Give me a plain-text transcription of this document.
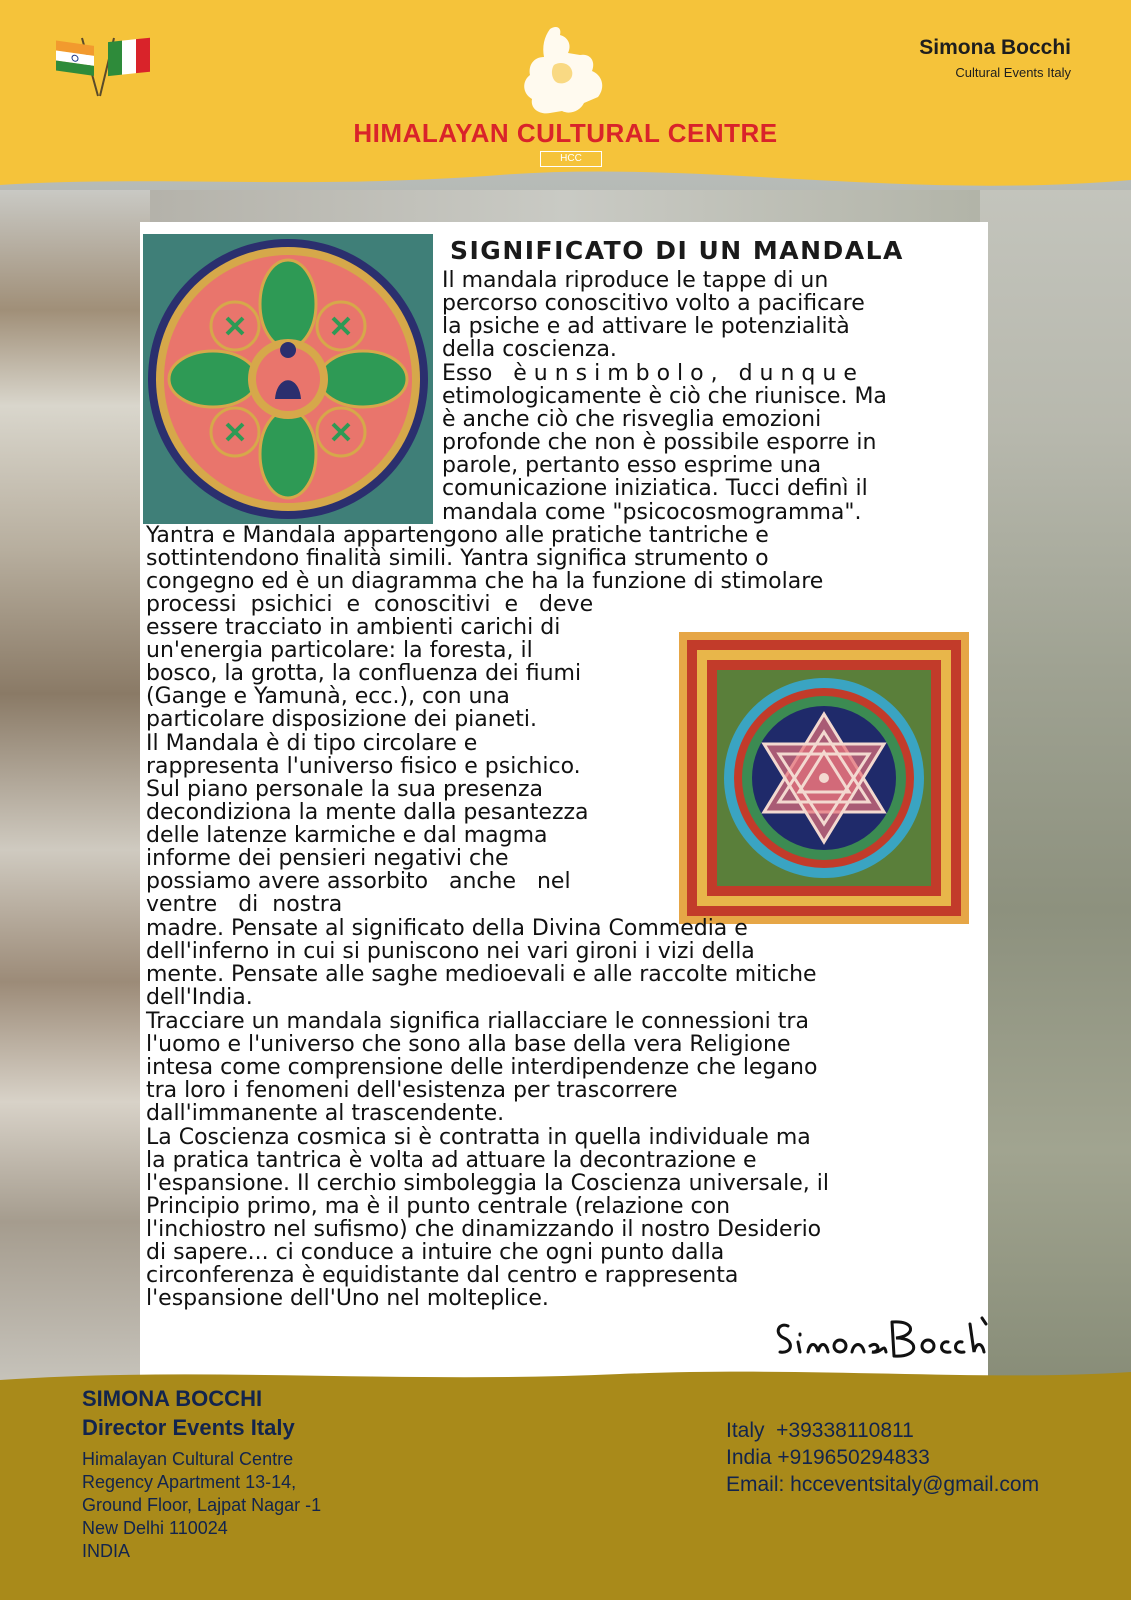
HIMALAYAN CULTURAL CENTRE
HCC
Simona Bocchi
Cultural Events Italy
SIGNIFICATO DI UN MANDALA
Il mandala riproduce le tappe di un
percorso conoscitivo volto a pacificare
la psiche e ad attivare le potenzialità
della coscienza.
Esso   è u n s i m b o l o ,   d u n q u e
etimologicamente è ciò che riunisce. Ma
è anche ciò che risveglia emozioni
profonde che non è possibile esporre in
parole, pertanto esso esprime una
comunicazione iniziatica. Tucci definì il
mandala come "psicocosmogramma".
Yantra e Mandala appartengono alle pratiche tantriche e
sottintendono finalità simili. Yantra significa strumento o
congegno ed è un diagramma che ha la funzione di stimolare
processi  psichici  e  conoscitivi  e   deve
essere tracciato in ambienti carichi di
un'energia particolare: la foresta, il
bosco, la grotta, la confluenza dei fiumi
(Gange e Yamunà, ecc.), con una
particolare disposizione dei pianeti.
Il Mandala è di tipo circolare e
rappresenta l'universo fisico e psichico.
Sul piano personale la sua presenza
decondiziona la mente dalla pesantezza
delle latenze karmiche e dal magma
informe dei pensieri negativi che
possiamo avere assorbito   anche   nel
ventre   di  nostra
madre. Pensate al significato della Divina Commedia e
dell'inferno in cui si puniscono nei vari gironi i vizi della
mente. Pensate alle saghe medioevali e alle raccolte mitiche
dell'India.
Tracciare un mandala significa riallacciare le connessioni tra
l'uomo e l'universo che sono alla base della vera Religione
intesa come comprensione delle interdipendenze che legano
tra loro i fenomeni dell'esistenza per trascorrere
dall'immanente al trascendente.
La Coscienza cosmica si è contratta in quella individuale ma
la pratica tantrica è volta ad attuare la decontrazione e
l'espansione. Il cerchio simboleggia la Coscienza universale, il
Principio primo, ma è il punto centrale (relazione con
l'inchiostro nel sufismo) che dinamizzando il nostro Desiderio
di sapere... ci conduce a intuire che ogni punto dalla
circonferenza è equidistante dal centro e rappresenta
l'espansione dell'Uno nel molteplice.
SIMONA BOCCHI
Director Events Italy
Himalayan Cultural Centre
Regency Apartment 13-14,
Ground Floor, Lajpat Nagar -1
New Delhi 110024
INDIA
Italy  +39338110811
India +919650294833
Email: hcceventsitaly@gmail.com
